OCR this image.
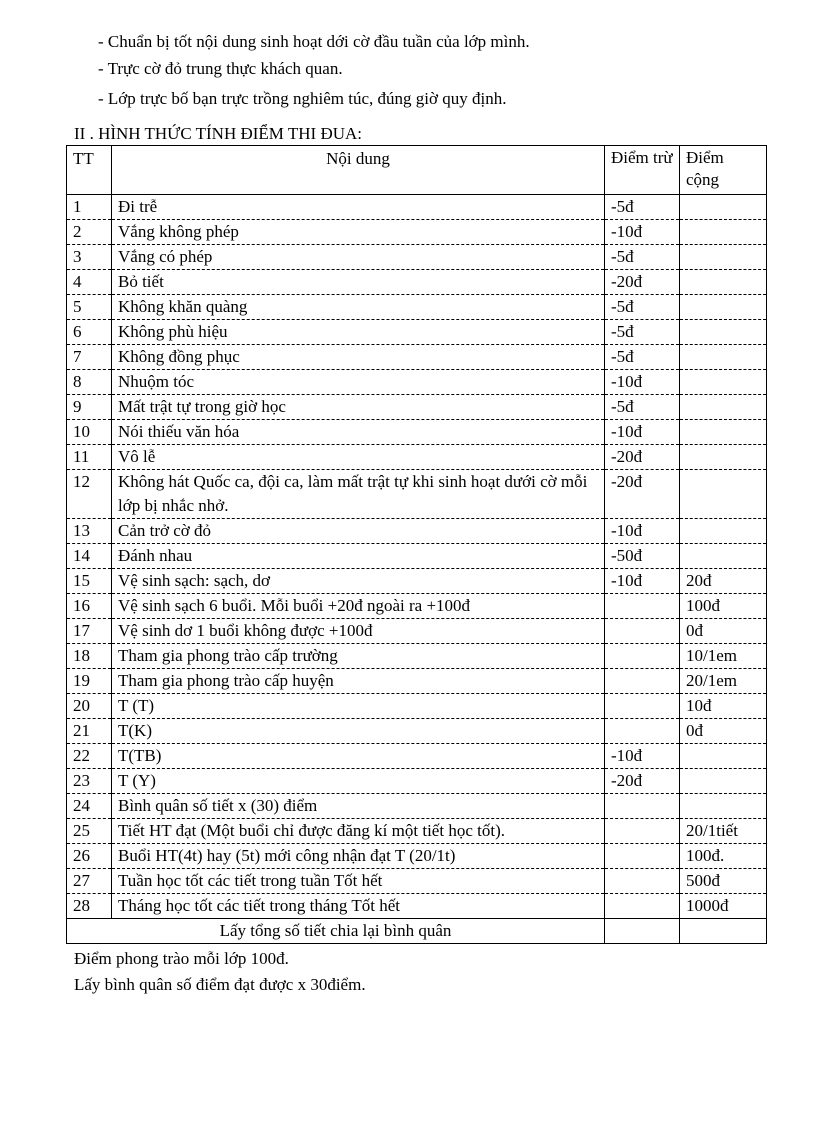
- Chuẩn bị tốt nội dung sinh hoạt dới cờ đầu tuần của lớp mình.

- Trực cờ đỏ trung thực khách quan.

- Lớp trực bố bạn trực trồng nghiêm túc, đúng giờ quy định.

II . HÌNH THỨC TÍNH ĐIỂM THI ĐUA:
TT	Nội dung	Điểm trừ	Điểm cộng
1	Đi trễ	-5đ	
2	Vắng không phép	-10đ	
3	Vắng có phép	-5đ	
4	Bỏ tiết	-20đ	
5	Không khăn quàng	-5đ	
6	Không phù hiệu	-5đ	
7	Không đồng phục	-5đ	
8	Nhuộm tóc	-10đ	
9	Mất trật tự trong giờ học	-5đ	
10	Nói thiếu văn hóa	-10đ	
11	Vô lễ	-20đ	
12	Không hát Quốc ca, đội ca, làm mất trật tự khi sinh hoạt dưới cờ mỗi lớp bị nhắc nhở.	-20đ	
13	Cản trở cờ đỏ	-10đ	
14	Đánh nhau	-50đ	
15	Vệ sinh sạch: sạch, dơ	-10đ	20đ
16	Vệ sinh sạch 6 buổi. Mỗi buổi +20đ ngoài ra +100đ		100đ
17	Vệ sinh dơ 1 buổi không được +100đ		0đ
18	Tham gia phong trào cấp trường		10/1em
19	Tham gia phong trào cấp huyện		20/1em
20	T (T)		10đ
21	T(K)		0đ
22	T(TB)	-10đ	
23	T (Y)	-20đ	
24	Bình quân số tiết x (30) điểm		
25	Tiết HT đạt (Một buổi chỉ được đăng kí một tiết học tốt).		20/1tiết
26	Buổi HT(4t) hay (5t) mới công nhận đạt T (20/1t)		100đ.
27	Tuần học tốt các tiết trong tuần Tốt hết		500đ
28	Tháng học tốt các tiết trong tháng Tốt hết		1000đ
Lấy tổng số tiết chia lại bình quân			

Điểm phong trào mỗi lớp 100đ.

Lấy bình quân số điểm đạt được x 30điểm.
